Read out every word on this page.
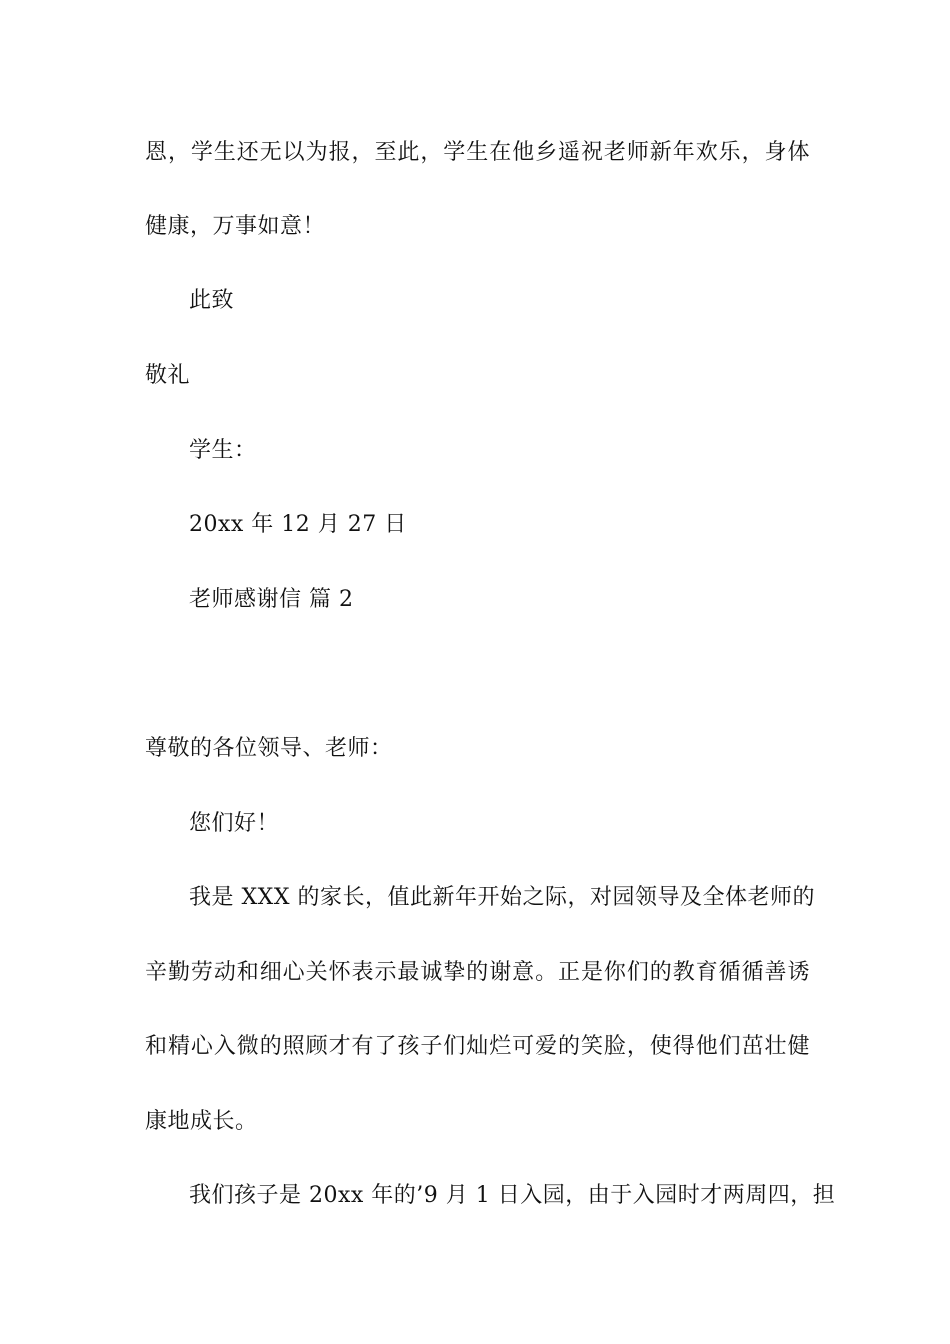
恩，学生还无以为报，至此，学生在他乡遥祝老师新年欢乐，身体
健康，万事如意！
此致
敬礼
学生：
20xx 年 12 月 27 日
老师感谢信 篇 2
尊敬的各位领导、老师：
您们好！
我是 XXX 的家长，值此新年开始之际，对园领导及全体老师的
辛勤劳动和细心关怀表示最诚挚的谢意。正是你们的教育循循善诱
和精心入微的照顾才有了孩子们灿烂可爱的笑脸，使得他们茁壮健
康地成长。
我们孩子是 20xx 年的’9 月 1 日入园，由于入园时才两周四，担
